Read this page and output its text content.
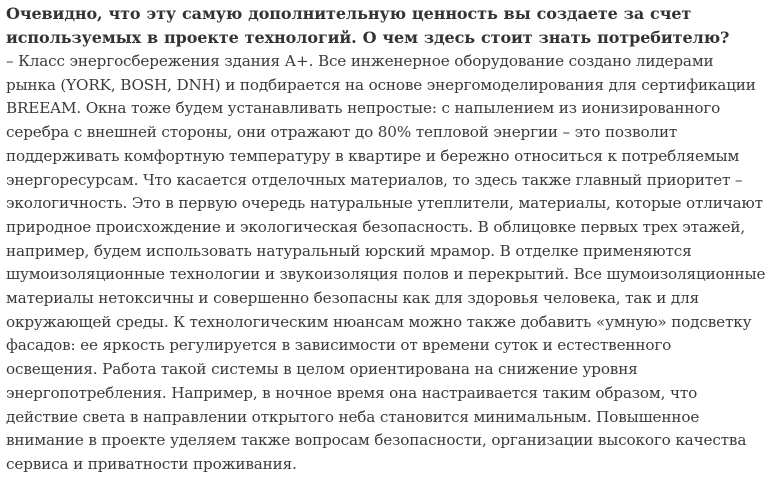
Очевидно, что эту самую дополнительную ценность вы создаете за счет используемых в проекте технологий. О чем здесь стоит знать потребителю?

– Класс энергосбережения здания А+. Все инженерное оборудование создано лидерами рынка (YORK, BOSH, DNH) и подбирается на основе энергомоделирования для сертификации BREEAM. Окна тоже будем устанавливать непростые: с напылением из ионизированного серебра с внешней стороны, они отражают до 80% тепловой энергии – это позволит поддерживать комфортную температуру в квартире и бережно относиться к потребляемым энергоресурсам. Что касается отделочных материалов, то здесь также главный приоритет – экологичность. Это в первую очередь натуральные утеплители, материалы, которые отличают природное происхождение и экологическая безопасность. В облицовке первых трех этажей, например, будем использовать натуральный юрский мрамор. В отделке применяются шумоизоляционные технологии и звукоизоляция полов и перекрытий. Все шумоизоляционные материалы нетоксичны и совершенно безопасны как для здоровья человека, так и для окружающей среды. К технологическим нюансам можно также добавить «умную» подсветку фасадов: ее яркость регулируется в зависимости от времени суток и естественного освещения. Работа такой системы в целом ориентирована на снижение уровня энергопотребления. Например, в ночное время она настраивается таким образом, что действие света в направлении открытого неба становится минимальным. Повышенное внимание в проекте уделяем также вопросам безопасности, организации высокого качества сервиса и приватности проживания.
